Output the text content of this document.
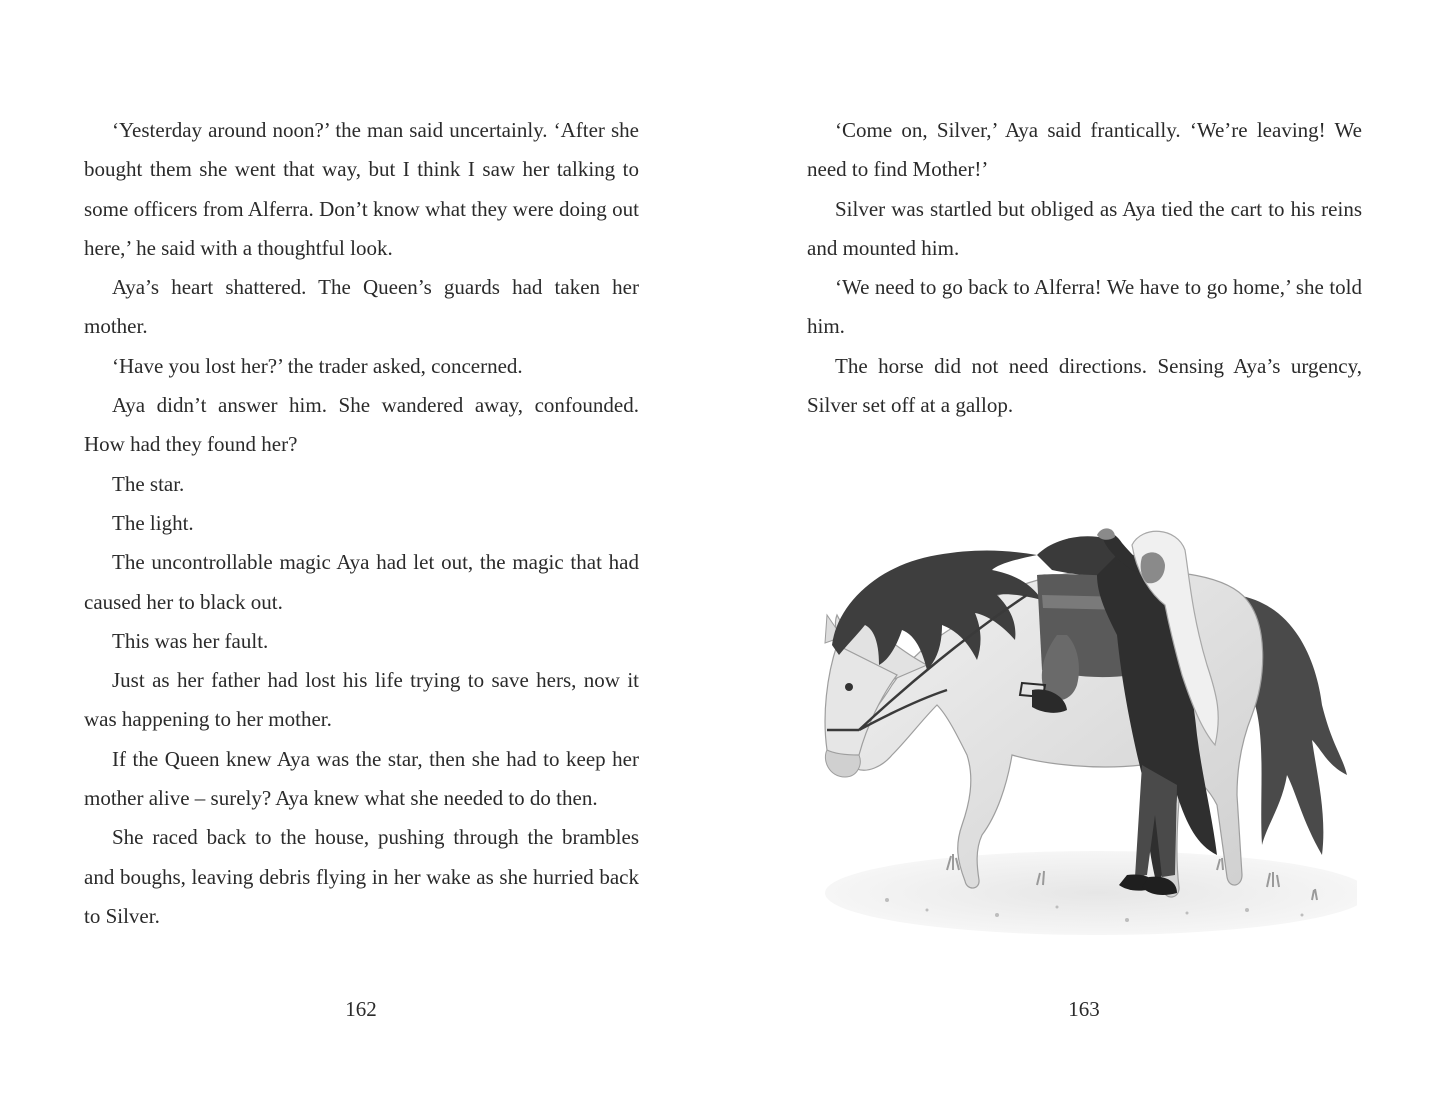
‘Yesterday around noon?’ the man said uncertainly. ‘After she bought them she went that way, but I think I saw her talking to some officers from Alferra. Don’t know what they were doing out here,’ he said with a thoughtful look.

Aya’s heart shattered. The Queen’s guards had taken her mother.

‘Have you lost her?’ the trader asked, concerned.

Aya didn’t answer him. She wandered away, confounded. How had they found her?

The star.

The light.

The uncontrollable magic Aya had let out, the magic that had caused her to black out.

This was her fault.

Just as her father had lost his life trying to save hers, now it was happening to her mother.

If the Queen knew Aya was the star, then she had to keep her mother alive – surely? Aya knew what she needed to do then.

She raced back to the house, pushing through the brambles and boughs, leaving debris flying in her wake as she hurried back to Silver.

162

‘Come on, Silver,’ Aya said frantically. ‘We’re leaving! We need to find Mother!’

Silver was startled but obliged as Aya tied the cart to his reins and mounted him.

‘We need to go back to Alferra! We have to go home,’ she told him.

The horse did not need directions. Sensing Aya’s urgency, Silver set off at a gallop.

163
